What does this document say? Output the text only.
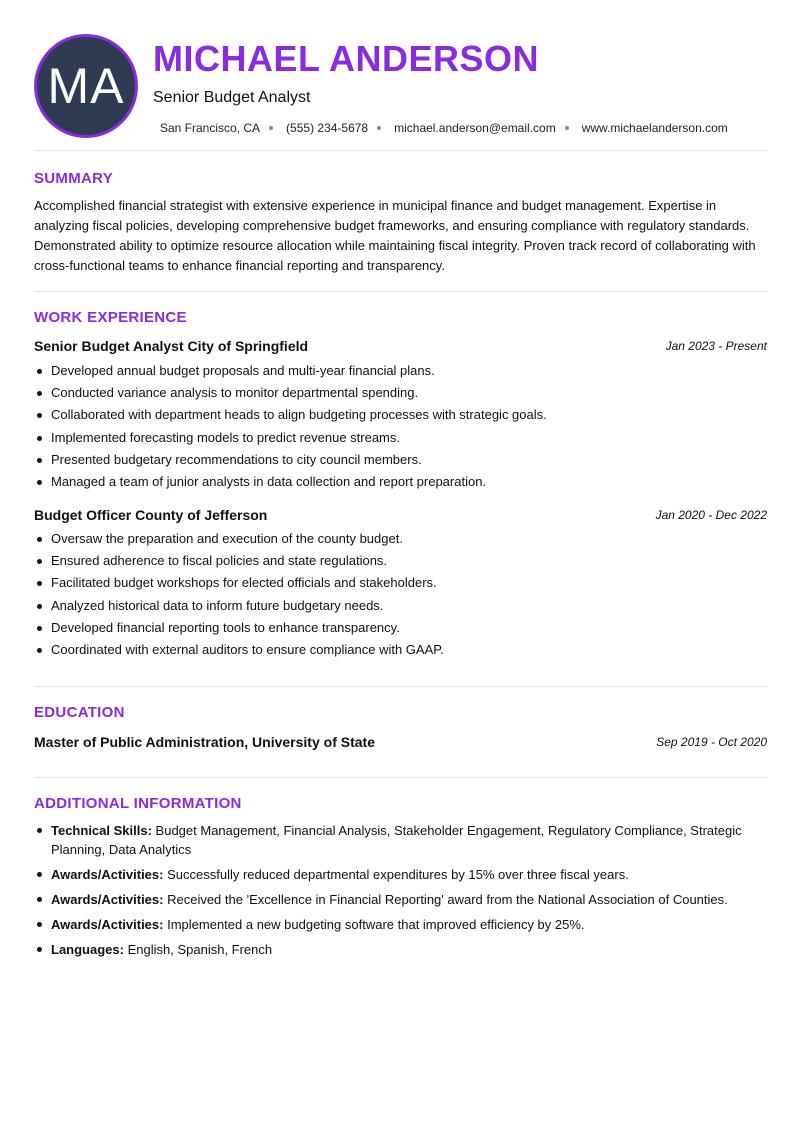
MA MICHAEL ANDERSON
Senior Budget Analyst
San Francisco, CA (555) 234-5678 michael.anderson@email.com www.michaelanderson.com
SUMMARY
Accomplished financial strategist with extensive experience in municipal finance and budget management. Expertise in analyzing fiscal policies, developing comprehensive budget frameworks, and ensuring compliance with regulatory standards. Demonstrated ability to optimize resource allocation while maintaining fiscal integrity. Proven track record of collaborating with cross-functional teams to enhance financial reporting and transparency.
WORK EXPERIENCE
Senior Budget Analyst City of Springfield	Jan 2023 - Present
Developed annual budget proposals and multi-year financial plans.
Conducted variance analysis to monitor departmental spending.
Collaborated with department heads to align budgeting processes with strategic goals.
Implemented forecasting models to predict revenue streams.
Presented budgetary recommendations to city council members.
Managed a team of junior analysts in data collection and report preparation.
Budget Officer County of Jefferson	Jan 2020 - Dec 2022
Oversaw the preparation and execution of the county budget.
Ensured adherence to fiscal policies and state regulations.
Facilitated budget workshops for elected officials and stakeholders.
Analyzed historical data to inform future budgetary needs.
Developed financial reporting tools to enhance transparency.
Coordinated with external auditors to ensure compliance with GAAP.
EDUCATION
Master of Public Administration, University of State	Sep 2019 - Oct 2020
ADDITIONAL INFORMATION
Technical Skills: Budget Management, Financial Analysis, Stakeholder Engagement, Regulatory Compliance, Strategic Planning, Data Analytics
Awards/Activities: Successfully reduced departmental expenditures by 15% over three fiscal years.
Awards/Activities: Received the 'Excellence in Financial Reporting' award from the National Association of Counties.
Awards/Activities: Implemented a new budgeting software that improved efficiency by 25%.
Languages: English, Spanish, French
